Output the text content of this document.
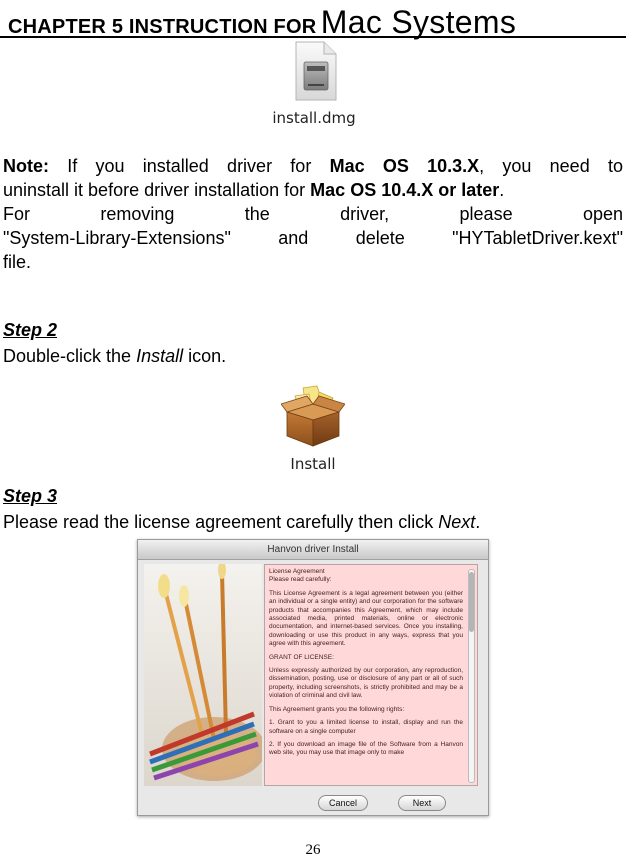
CHAPTER 5 INSTRUCTION FOR Mac Systems
install.dmg
Note: If you installed driver for Mac OS 10.3.X, you need to
uninstall it before driver installation for Mac OS 10.4.X or later.
For	removing	the	driver,	please	open
"System-Library-Extensions"	and	delete	"HYTabletDriver.kext"
file.
Step 2
Double-click the Install icon.
Install
Step 3
Please read the license agreement carefully then click Next.
Hanvon driver Install
License Agreement
Please read carefully:

This License Agreement is a legal agreement between you (either an individual or a single entity) and our corporation for the software products that accompanies this Agreement, which may include associated media, printed materials, online or electronic documentation, and internet-based services. Once you installing, downloading or use this product in any ways, express that you agree with this agreement.

GRANT OF LICENSE:

Unless expressly authorized by our corporation, any reproduction, dissemination, posting, use or disclosure of any part or all of such property, including screenshots, is strictly prohibited and may be a violation of criminal and civil law.

This Agreement grants you the following rights:

1. Grant to you a limited license to install, display and run the software on a single computer

2. If you download an image file of the Software from a Hanvon web site, you may use that image only to make

Cancel	Next
26
